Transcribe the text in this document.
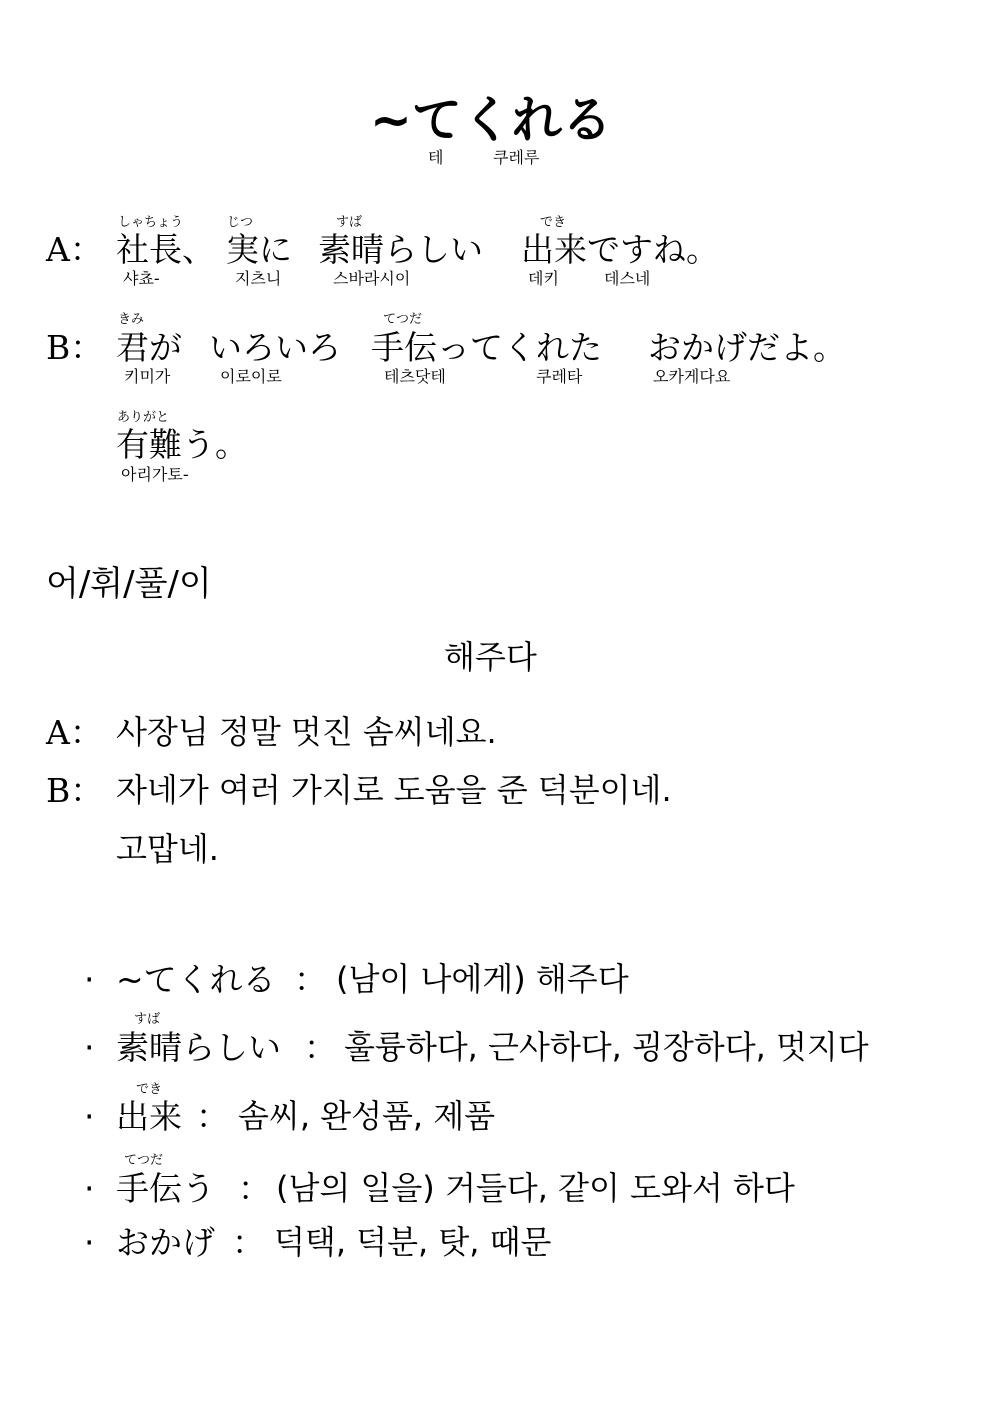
~てくれる
테	쿠레루
しゃちょう	じつ	すば	でき
A： 社長、 実に 素晴らしい 出来ですね。
샤쵸-	지츠니	스바라시이	데키	데스네
きみ	てつだ
B： 君が いろいろ 手伝ってくれた おかげだよ。
키미가	이로이로	테츠닷테	쿠레타	오카게다요
ありがと
有難う。
아리가토-
어/휘/풀/이
해주다
A： 사장님 정말 멋진 솜씨네요.
B： 자네가 여러 가지로 도움을 준 덕분이네.
고맙네.
· ~てくれる ： (남이 나에게) 해주다
すば
· 素晴らしい ： 훌륭하다, 근사하다, 굉장하다, 멋지다
でき
· 出来 ： 솜씨, 완성품, 제품
てつだ
· 手伝う ： (남의 일을) 거들다, 같이 도와서 하다
· おかげ ： 덕택, 덕분, 탓, 때문
